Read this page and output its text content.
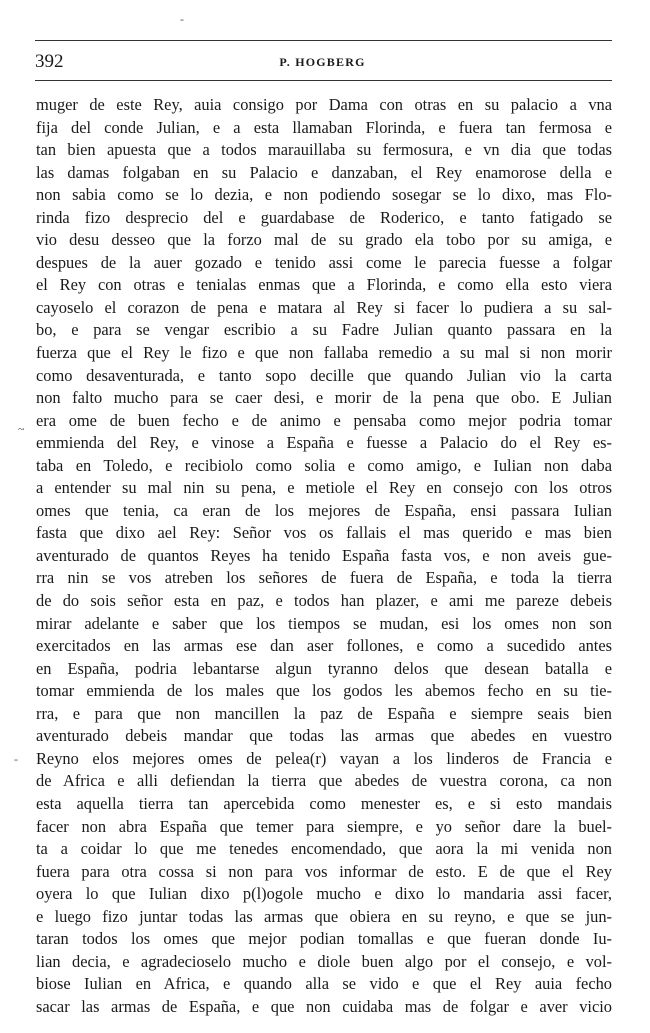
-
392	P. HOGBERG
~
-
muger de este Rey, auia consigo por Dama con otras en su palacio a vna
fija del conde Julian, e a esta llamaban Florinda, e fuera tan fermosa e
tan bien apuesta que a todos marauillaba su fermosura, e vn dia que todas
las damas folgaban en su Palacio e danzaban, el Rey enamorose della e
non sabia como se lo dezia, e non podiendo sosegar se lo dixo, mas Flo-
rinda fizo desprecio del e guardabase de Roderico, e tanto fatigado se
vio desu desseo que la forzo mal de su grado ela tobo por su amiga, e
despues de la auer gozado e tenido assi come le parecia fuesse a folgar
el Rey con otras e tenialas enmas que a Florinda, e como ella esto viera
cayoselo el corazon de pena e matara al Rey si facer lo pudiera a su sal-
bo, e para se vengar escribio a su Fadre Julian quanto passara en la
fuerza que el Rey le fizo e que non fallaba remedio a su mal si non morir
como desaventurada, e tanto sopo decille que quando Julian vio la carta
non falto mucho para se caer desi, e morir de la pena que obo. E Julian
era ome de buen fecho e de animo e pensaba como mejor podria tomar
emmienda del Rey, e vinose a España e fuesse a Palacio do el Rey es-
taba en Toledo, e recibiolo como solia e como amigo, e Iulian non daba
a entender su mal nin su pena, e metiole el Rey en consejo con los otros
omes que tenia, ca eran de los mejores de España, ensi passara Iulian
fasta que dixo ael Rey: Señor vos os fallais el mas querido e mas bien
aventurado de quantos Reyes ha tenido España fasta vos, e non aveis gue-
rra nin se vos atreben los señores de fuera de España, e toda la tierra
de do sois señor esta en paz, e todos han plazer, e ami me pareze debeis
mirar adelante e saber que los tiempos se mudan, esi los omes non son
exercitados en las armas ese dan aser follones, e como a sucedido antes
en España, podria lebantarse algun tyranno delos que desean batalla e
tomar emmienda de los males que los godos les abemos fecho en su tie-
rra, e para que non mancillen la paz de España e siempre seais bien
aventurado debeis mandar que todas las armas que abedes en vuestro
Reyno elos mejores omes de pelea(r) vayan a los linderos de Francia e
de Africa e alli defiendan la tierra que abedes de vuestra corona, ca non
esta aquella tierra tan apercebida como menester es, e si esto mandais
facer non abra España que temer para siempre, e yo señor dare la buel-
ta a coidar lo que me tenedes encomendado, que aora la mi venida non
fuera para otra cossa si non para vos informar de esto. E de que el Rey
oyera lo que Iulian dixo p(l)ogole mucho e dixo lo mandaria assi facer,
e luego fizo juntar todas las armas que obiera en su reyno, e que se jun-
taran todos los omes que mejor podian tomallas e que fueran donde Iu-
lian decia, e agradecioselo mucho e diole buen algo por el consejo, e vol-
biose Iulian en Africa, e quando alla se vido e que el Rey auia fecho
sacar las armas de España, e que non cuidaba mas de folgar e aver vicio
